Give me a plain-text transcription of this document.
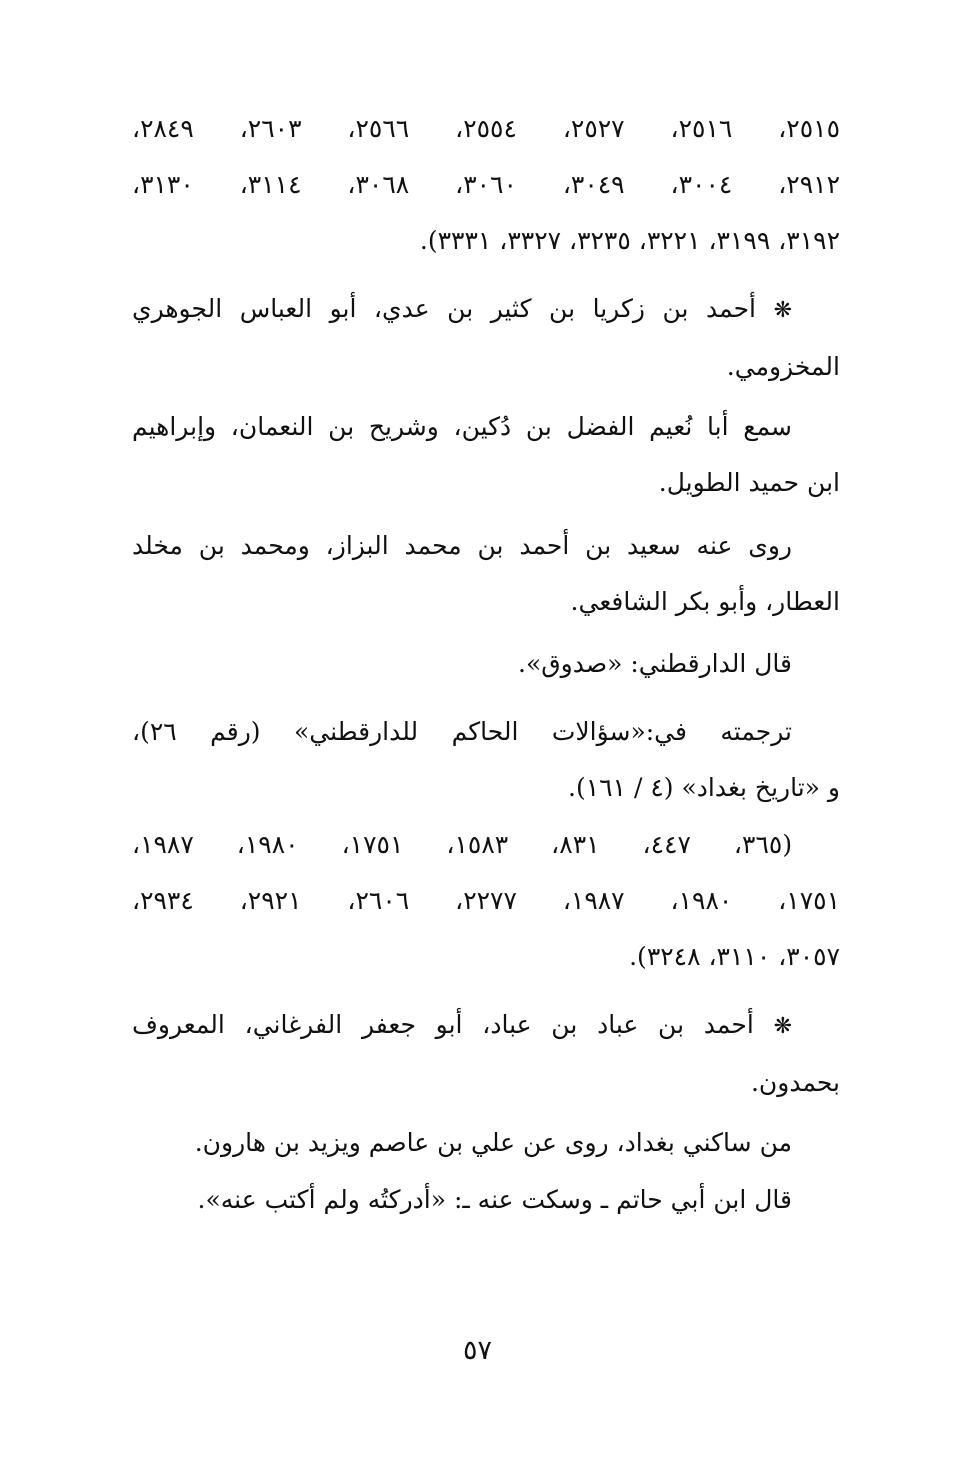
٢٥١٥، ٢٥١٦، ٢٥٢٧، ٢٥٥٤، ٢٥٦٦، ٢٦٠٣، ٢٨٤٩،
٢٩١٢، ٣٠٠٤، ٣٠٤٩، ٣٠٦٠، ٣٠٦٨، ٣١١٤، ٣١٣٠،
٣١٩٢، ٣١٩٩، ٣٢٢١، ٣٢٣٥، ٣٣٢٧، ٣٣٣١).

❋ أحمد بن زكريا بن كثير بن عدي، أبو العباس الجوهري
المخزومي.

سمع أبا نُعيم الفضل بن دُكين، وشريح بن النعمان، وإبراهيم
ابن حميد الطويل.

روى عنه سعيد بن أحمد بن محمد البزاز، ومحمد بن مخلد
العطار، وأبو بكر الشافعي.

قال الدارقطني: «صدوق».

ترجمته في:«سؤالات الحاكم للدارقطني» (رقم ٢٦)،
و «تاريخ بغداد» (٤ / ١٦١).

(٣٦٥، ٤٤٧، ٨٣١، ١٥٨٣، ١٧٥١، ١٩٨٠، ١٩٨٧،
١٧٥١، ١٩٨٠، ١٩٨٧، ٢٢٧٧، ٢٦٠٦، ٢٩٢١، ٢٩٣٤،
٣٠٥٧، ٣١١٠، ٣٢٤٨).

❋ أحمد بن عباد بن عباد، أبو جعفر الفرغاني، المعروف
بحمدون.

من ساكني بغداد، روى عن علي بن عاصم ويزيد بن هارون.

قال ابن أبي حاتم ـ وسكت عنه ـ: «أدركتُه ولم أكتب عنه».

٥٧
